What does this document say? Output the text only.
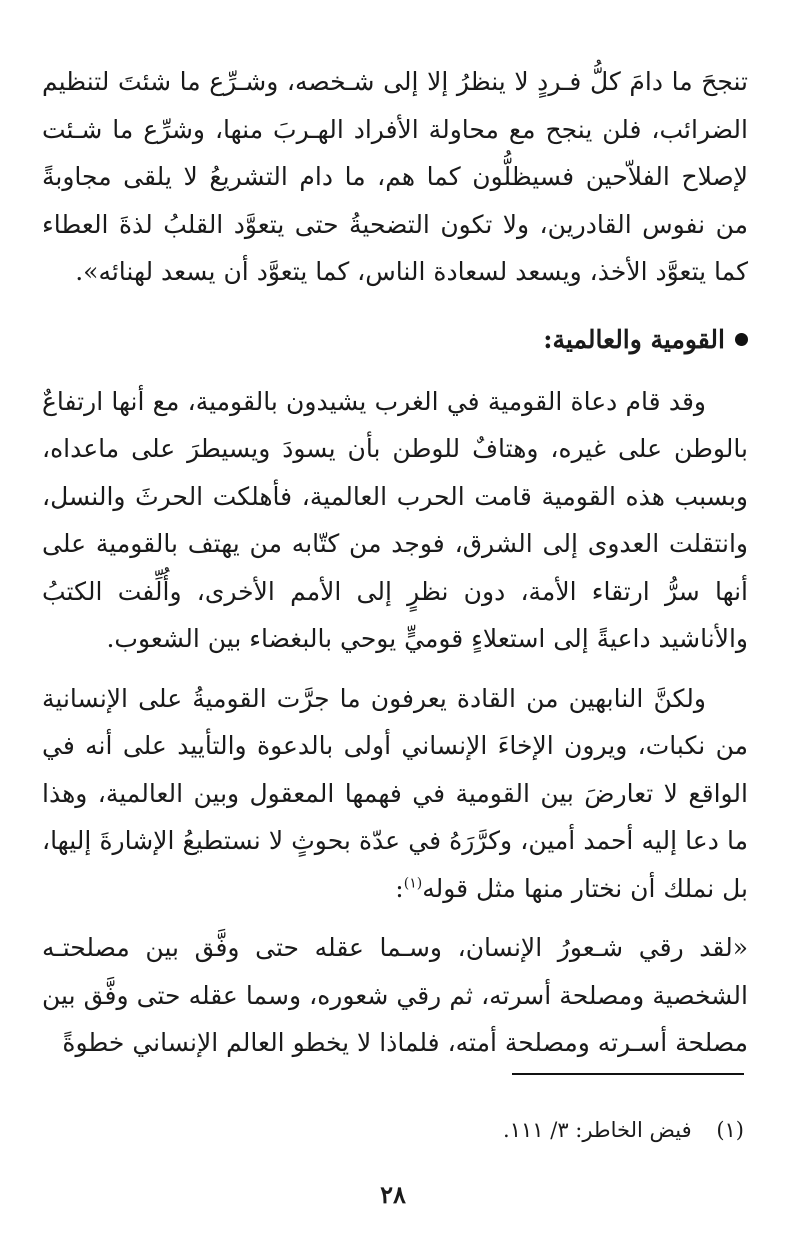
تنجحَ ما دامَ كلُّ فـردٍ لا ينظرُ إلا إلى شـخصه، وشـرِّع ما شئتَ لتنظيم الضرائب، فلن ينجح مع محاولة الأفراد الهـربَ منها، وشرِّع ما شـئت لإصلاح الفلاّحين فسيظلُّون كما هم، ما دام التشريعُ لا يلقى مجاوبةً من نفوس القادرين، ولا تكون التضحيةُ حتى يتعوَّد القلبُ لذةَ العطاء كما يتعوَّد الأخذ، ويسعد لسعادة الناس، كما يتعوَّد أن يسعد لهنائه».

القومية والعالمية:

وقد قام دعاة القومية في الغرب يشيدون بالقومية، مع أنها ارتفاعٌ بالوطن على غيره، وهتافٌ للوطن بأن يسودَ ويسيطرَ على ماعداه، وبسبب هذه القومية قامت الحرب العالمية، فأهلكت الحرثَ والنسل، وانتقلت العدوى إلى الشرق، فوجد من كتّابه من يهتف بالقومية على أنها سرُّ ارتقاء الأمة، دون نظرٍ إلى الأمم الأخرى، وأُلِّفت الكتبُ والأناشيد داعيةً إلى استعلاءٍ قوميٍّ يوحي بالبغضاء بين الشعوب.

ولكنَّ النابهين من القادة يعرفون ما جرَّت القوميةُ على الإنسانية من نكبات، ويرون الإخاءَ الإنساني أولى بالدعوة والتأييد على أنه في الواقع لا تعارضَ بين القومية في فهمها المعقول وبين العالمية، وهذا ما دعا إليه أحمد أمين، وكرَّرَهُ في عدّة بحوثٍ لا نستطيعُ الإشارةَ إليها، بل نملك أن نختار منها مثل قوله$^{(١)}$:

«لقد رقي شـعورُ الإنسان، وسـما عقله حتى وفَّق بين مصلحتـه الشخصية ومصلحة أسرته، ثم رقي شعوره، وسما عقله حتى وفَّق بين مصلحة أسـرته ومصلحة أمته، فلماذا لا يخطو العالم الإنساني خطوةً

(١) فيض الخاطر: ٣/ ١١١.
٢٨
